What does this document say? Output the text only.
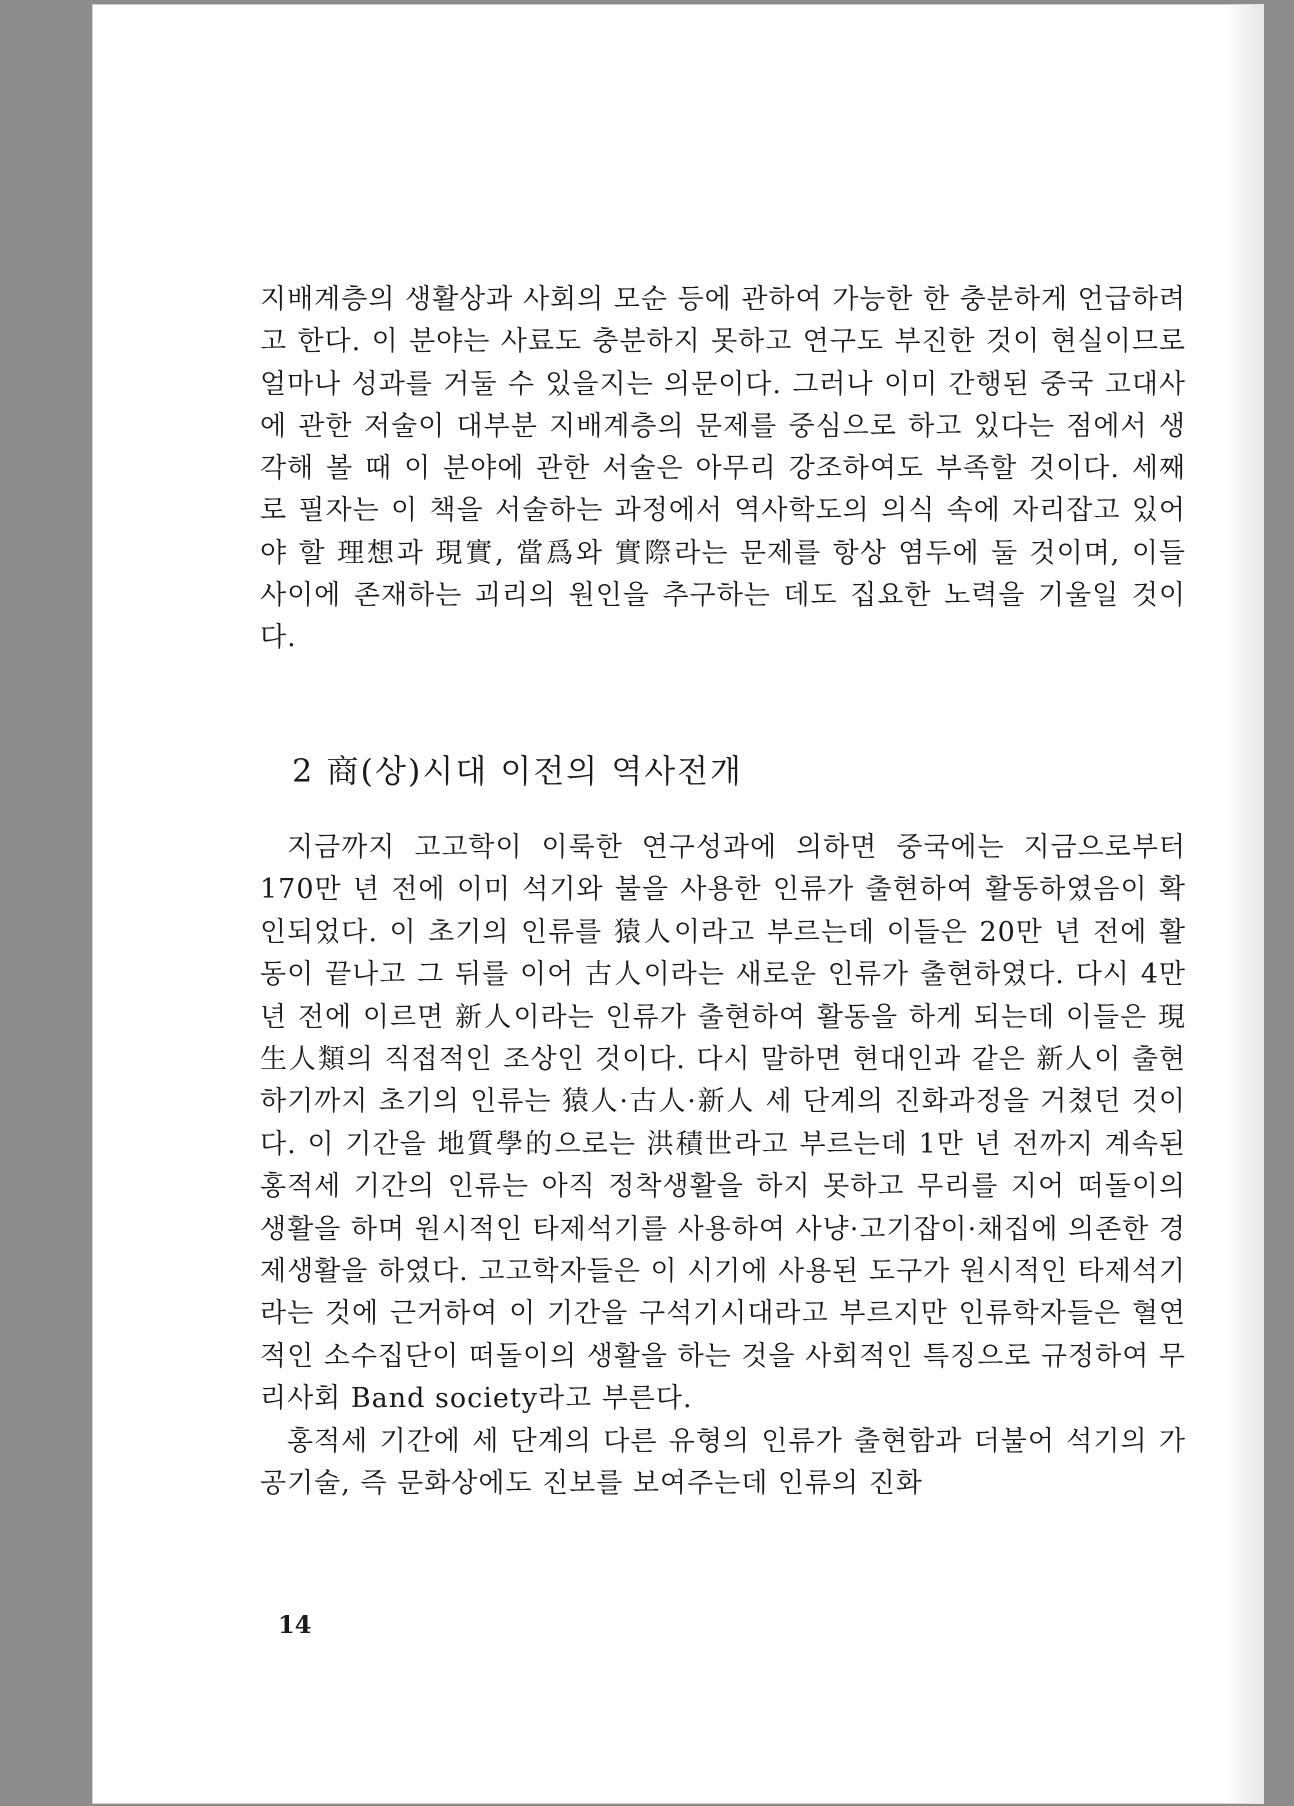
지배계층의 생활상과 사회의 모순 등에 관하여 가능한 한 충분하게 언급하려고 한다. 이 분야는 사료도 충분하지 못하고 연구도 부진한 것이 현실이므로 얼마나 성과를 거둘 수 있을지는 의문이다. 그러나 이미 간행된 중국 고대사에 관한 저술이 대부분 지배계층의 문제를 중심으로 하고 있다는 점에서 생각해 볼 때 이 분야에 관한 서술은 아무리 강조하여도 부족할 것이다. 세째로 필자는 이 책을 서술하는 과정에서 역사학도의 의식 속에 자리잡고 있어야 할 理想과 現實, 當爲와 實際라는 문제를 항상 염두에 둘 것이며, 이들 사이에 존재하는 괴리의 원인을 추구하는 데도 집요한 노력을 기울일 것이다.

2 商(상)시대 이전의 역사전개

지금까지 고고학이 이룩한 연구성과에 의하면 중국에는 지금으로부터 170만 년 전에 이미 석기와 불을 사용한 인류가 출현하여 활동하였음이 확인되었다. 이 초기의 인류를 猿人이라고 부르는데 이들은 20만 년 전에 활동이 끝나고 그 뒤를 이어 古人이라는 새로운 인류가 출현하였다. 다시 4만 년 전에 이르면 新人이라는 인류가 출현하여 활동을 하게 되는데 이들은 現生人類의 직접적인 조상인 것이다. 다시 말하면 현대인과 같은 新人이 출현하기까지 초기의 인류는 猿人·古人·新人 세 단계의 진화과정을 거쳤던 것이다. 이 기간을 地質學的으로는 洪積世라고 부르는데 1만 년 전까지 계속된 홍적세 기간의 인류는 아직 정착생활을 하지 못하고 무리를 지어 떠돌이의 생활을 하며 원시적인 타제석기를 사용하여 사냥·고기잡이·채집에 의존한 경제생활을 하였다. 고고학자들은 이 시기에 사용된 도구가 원시적인 타제석기라는 것에 근거하여 이 기간을 구석기시대라고 부르지만 인류학자들은 혈연적인 소수집단이 떠돌이의 생활을 하는 것을 사회적인 특징으로 규정하여 무리사회 Band society라고 부른다.

홍적세 기간에 세 단계의 다른 유형의 인류가 출현함과 더불어 석기의 가공기술, 즉 문화상에도 진보를 보여주는데 인류의 진화

14
